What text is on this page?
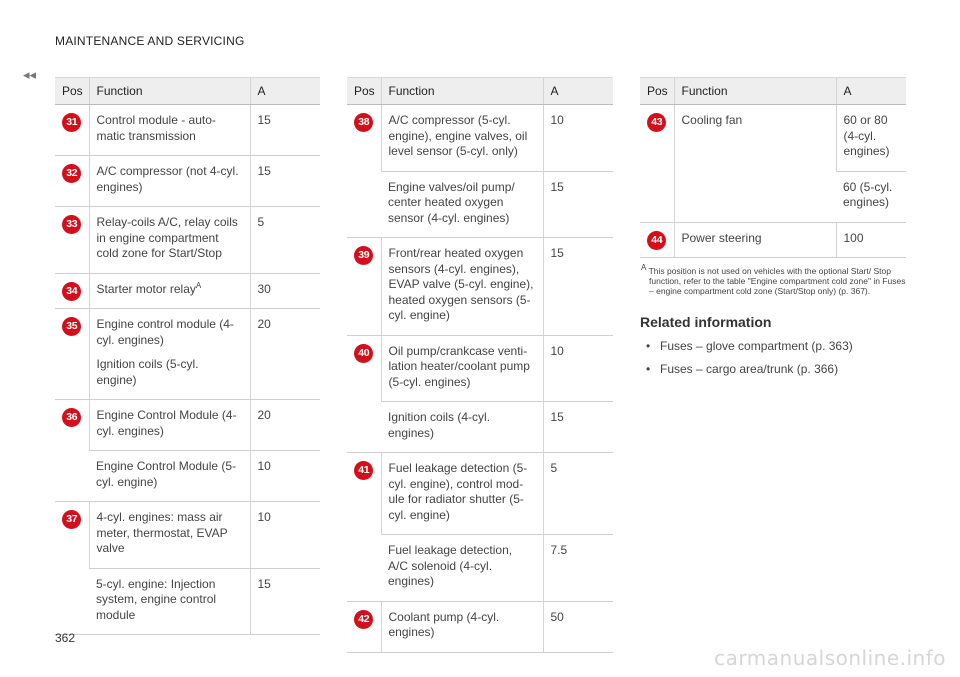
MAINTENANCE AND SERVICING
◂◂
Pos	Function	A
31	Control module - auto-matic transmission	15
32	A/C compressor (not 4-cyl. engines)	15
33	Relay-coils A/C, relay coils in engine compartment cold zone for Start/Stop	5
34	Starter motor relay$^A$	30
35	Engine control module (4-cyl. engines)
Ignition coils (5-cyl. engine)	20
36	Engine Control Module (4-cyl. engines)	20
	Engine Control Module (5-cyl. engine)	10
37	4-cyl. engines: mass air meter, thermostat, EVAP valve	10
	5-cyl. engine: Injection system, engine control module	15
Pos	Function	A
38	A/C compressor (5-cyl. engine), engine valves, oil level sensor (5-cyl. only)	10
	Engine valves/oil pump/ center heated oxygen sensor (4-cyl. engines)	15
39	Front/rear heated oxygen sensors (4-cyl. engines), EVAP valve (5-cyl. engine), heated oxygen sensors (5-cyl. engine)	15
40	Oil pump/crankcase venti-lation heater/coolant pump (5-cyl. engines)	10
	Ignition coils (4-cyl. engines)	15
41	Fuel leakage detection (5-cyl. engine), control mod-ule for radiator shutter (5-cyl. engine)	5
	Fuel leakage detection, A/C solenoid (4-cyl. engines)	7.5
42	Coolant pump (4-cyl. engines)	50
Pos	Function	A
43	Cooling fan	60 or 80 (4-cyl. engines)
		60 (5-cyl. engines)
44	Power steering	100
$^A$ This position is not used on vehicles with the optional Start/ Stop function, refer to the table "Engine compartment cold zone" in Fuses – engine compartment cold zone (Start/Stop only) (p. 367).
Related information
• Fuses – glove compartment (p. 363)
• Fuses – cargo area/trunk (p. 366)
362
carmanualsonline.info
